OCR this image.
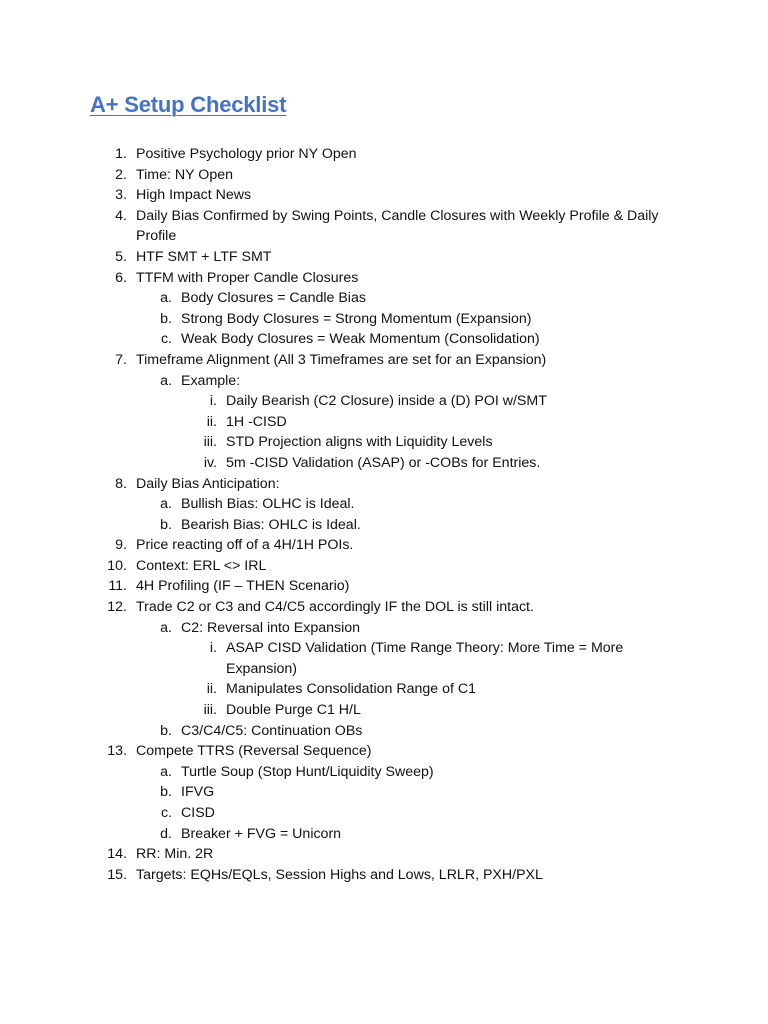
A+ Setup Checklist
1. Positive Psychology prior NY Open
2. Time: NY Open
3. High Impact News
4. Daily Bias Confirmed by Swing Points, Candle Closures with Weekly Profile & Daily Profile
5. HTF SMT + LTF SMT
6. TTFM with Proper Candle Closures
a. Body Closures = Candle Bias
b. Strong Body Closures = Strong Momentum (Expansion)
c. Weak Body Closures = Weak Momentum (Consolidation)
7. Timeframe Alignment (All 3 Timeframes are set for an Expansion)
a. Example:
i. Daily Bearish (C2 Closure) inside a (D) POI w/SMT
ii. 1H -CISD
iii. STD Projection aligns with Liquidity Levels
iv. 5m -CISD Validation (ASAP) or -COBs for Entries.
8. Daily Bias Anticipation:
a. Bullish Bias: OLHC is Ideal.
b. Bearish Bias: OHLC is Ideal.
9. Price reacting off of a 4H/1H POIs.
10. Context: ERL <> IRL
11. 4H Profiling (IF – THEN Scenario)
12. Trade C2 or C3 and C4/C5 accordingly IF the DOL is still intact.
a. C2: Reversal into Expansion
i. ASAP CISD Validation (Time Range Theory: More Time = More Expansion)
ii. Manipulates Consolidation Range of C1
iii. Double Purge C1 H/L
b. C3/C4/C5: Continuation OBs
13. Compete TTRS (Reversal Sequence)
a. Turtle Soup (Stop Hunt/Liquidity Sweep)
b. IFVG
c. CISD
d. Breaker + FVG = Unicorn
14. RR: Min. 2R
15. Targets: EQHs/EQLs, Session Highs and Lows, LRLR, PXH/PXL
